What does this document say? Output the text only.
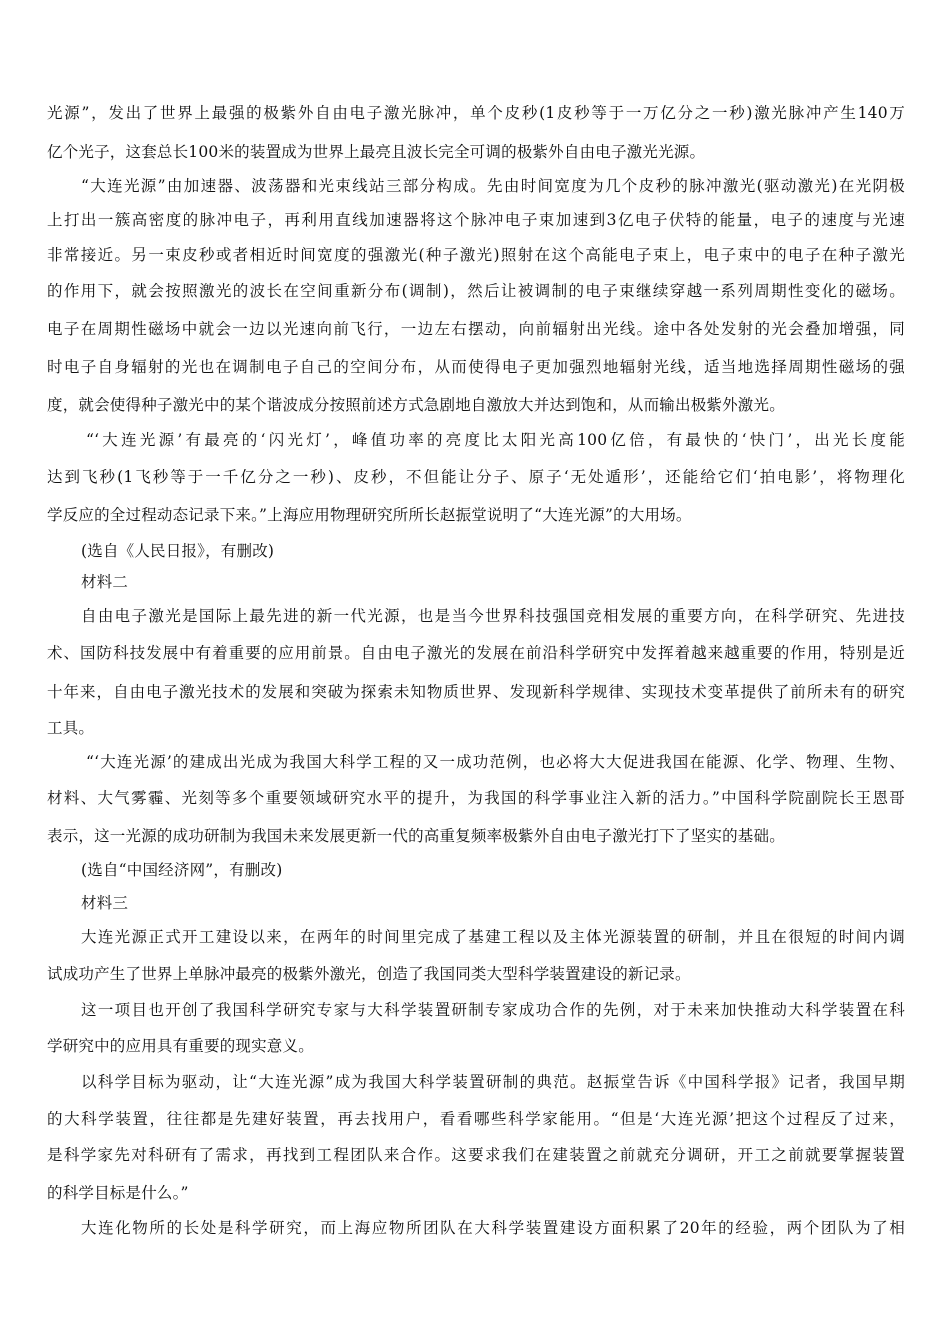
光源”，发出了世界上最强的极紫外自由电子激光脉冲，单个皮秒(1皮秒等于一万亿分之一秒)激光脉冲产生140万
亿个光子，这套总长100米的装置成为世界上最亮且波长完全可调的极紫外自由电子激光光源。
“大连光源”由加速器、波荡器和光束线站三部分构成。先由时间宽度为几个皮秒的脉冲激光(驱动激光)在光阴极
上打出一簇高密度的脉冲电子，再利用直线加速器将这个脉冲电子束加速到3亿电子伏特的能量，电子的速度与光速
非常接近。另一束皮秒或者相近时间宽度的强激光(种子激光)照射在这个高能电子束上，电子束中的电子在种子激光
的作用下，就会按照激光的波长在空间重新分布(调制)，然后让被调制的电子束继续穿越一系列周期性变化的磁场。
电子在周期性磁场中就会一边以光速向前飞行，一边左右摆动，向前辐射出光线。途中各处发射的光会叠加增强，同
时电子自身辐射的光也在调制电子自己的空间分布，从而使得电子更加强烈地辐射光线，适当地选择周期性磁场的强
度，就会使得种子激光中的某个谐波成分按照前述方式急剧地自激放大并达到饱和，从而输出极紫外激光。
“‘大连光源’有最亮的‘闪光灯’，峰值功率的亮度比太阳光高100亿倍，有最快的‘快门’，出光长度能
达到飞秒(1飞秒等于一千亿分之一秒)、皮秒，不但能让分子、原子‘无处遁形’，还能给它们‘拍电影’，将物理化
学反应的全过程动态记录下来。”上海应用物理研究所所长赵振堂说明了“大连光源”的大用场。
(选自《人民日报》，有删改)
材料二
自由电子激光是国际上最先进的新一代光源，也是当今世界科技强国竞相发展的重要方向，在科学研究、先进技
术、国防科技发展中有着重要的应用前景。自由电子激光的发展在前沿科学研究中发挥着越来越重要的作用，特别是近
十年来，自由电子激光技术的发展和突破为探索未知物质世界、发现新科学规律、实现技术变革提供了前所未有的研究
工具。
“‘大连光源’的建成出光成为我国大科学工程的又一成功范例，也必将大大促进我国在能源、化学、物理、生物、
材料、大气雾霾、光刻等多个重要领域研究水平的提升，为我国的科学事业注入新的活力。”中国科学院副院长王恩哥
表示，这一光源的成功研制为我国未来发展更新一代的高重复频率极紫外自由电子激光打下了坚实的基础。
(选自“中国经济网”，有删改)
材料三
大连光源正式开工建设以来，在两年的时间里完成了基建工程以及主体光源装置的研制，并且在很短的时间内调
试成功产生了世界上单脉冲最亮的极紫外激光，创造了我国同类大型科学装置建设的新记录。
这一项目也开创了我国科学研究专家与大科学装置研制专家成功合作的先例，对于未来加快推动大科学装置在科
学研究中的应用具有重要的现实意义。
以科学目标为驱动，让“大连光源”成为我国大科学装置研制的典范。赵振堂告诉《中国科学报》记者，我国早期
的大科学装置，往往都是先建好装置，再去找用户，看看哪些科学家能用。“但是‘大连光源’把这个过程反了过来，
是科学家先对科研有了需求，再找到工程团队来合作。这要求我们在建装置之前就充分调研，开工之前就要掌握装置
的科学目标是什么。”
大连化物所的长处是科学研究，而上海应物所团队在大科学装置建设方面积累了20年的经验，两个团队为了相
